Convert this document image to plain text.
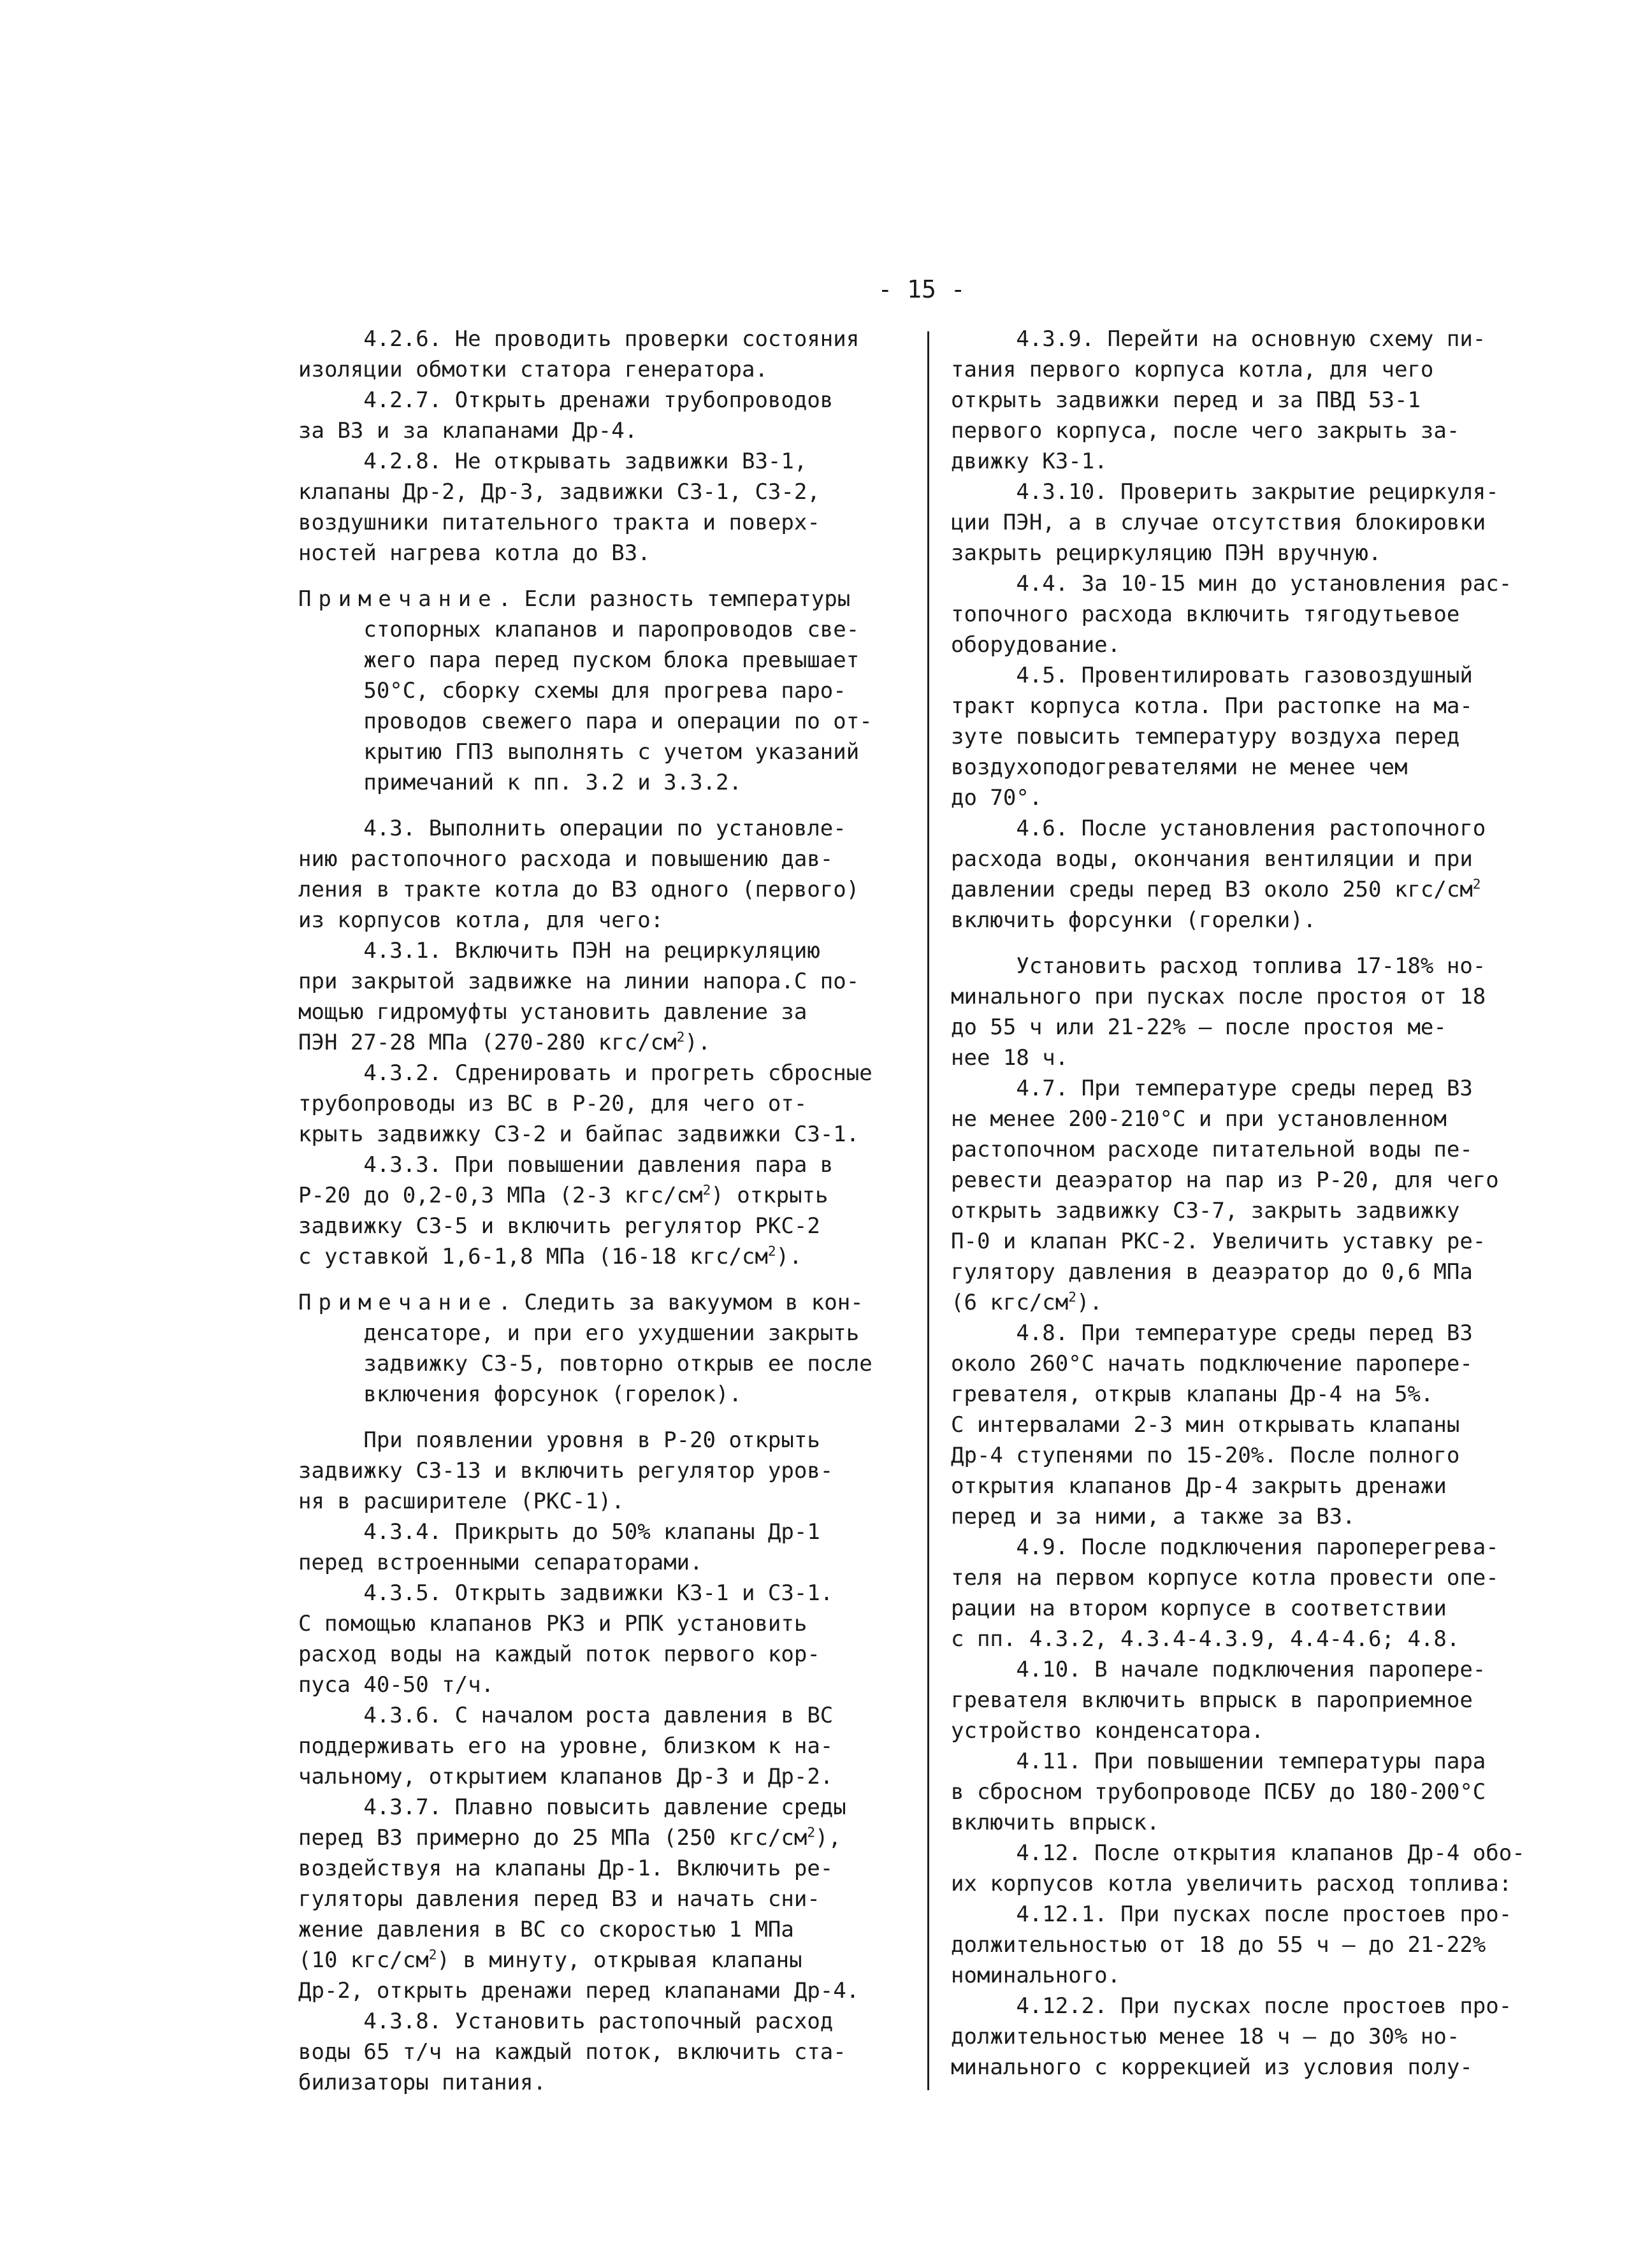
- 15 -
4.2.6. Не проводить проверки состояния
изоляции обмотки статора генератора.
4.2.7. Открыть дренажи трубопроводов
за ВЗ и за клапанами Др-4.
4.2.8. Не открывать задвижки ВЗ-1,
клапаны Др-2, Др-3, задвижки СЗ-1, СЗ-2,
воздушники питательного тракта и поверх-
ностей нагрева котла до ВЗ.
Примечание. Если разность температуры
стопорных клапанов и паропроводов све-
жего пара перед пуском блока превышает
50°С, сборку схемы для прогрева паро-
проводов свежего пара и операции по от-
крытию ГПЗ выполнять с учетом указаний
примечаний к пп. 3.2 и 3.3.2.
4.3. Выполнить операции по установле-
нию растопочного расхода и повышению дав-
ления в тракте котла до ВЗ одного (первого)
из корпусов котла, для чего:
4.3.1. Включить ПЭН на рециркуляцию
при закрытой задвижке на линии напора.С по-
мощью гидромуфты установить давление за
ПЭН 27-28 МПа (270-280 кгс/$см^2$).
4.3.2. Сдренировать и прогреть сбросные
трубопроводы из ВС в Р-20, для чего от-
крыть задвижку СЗ-2 и байпас задвижки СЗ-1.
4.3.3. При повышении давления пара в
Р-20 до 0,2-0,3 МПа (2-3 кгс/$см^2$) открыть
задвижку СЗ-5 и включить регулятор РКС-2
с уставкой 1,6-1,8 МПа (16-18 кгс/$см^2$).
Примечание. Следить за вакуумом в кон-
денсаторе, и при его ухудшении закрыть
задвижку СЗ-5, повторно открыв ее после
включения форсунок (горелок).
При появлении уровня в Р-20 открыть
задвижку СЗ-13 и включить регулятор уров-
ня в расширителе (РКС-1).
4.3.4. Прикрыть до 50% клапаны Др-1
перед встроенными сепараторами.
4.3.5. Открыть задвижки КЗ-1 и СЗ-1.
С помощью клапанов РКЗ и РПК установить
расход воды на каждый поток первого кор-
пуса 40-50 т/ч.
4.3.6. С началом роста давления в ВС
поддерживать его на уровне, близком к на-
чальному, открытием клапанов Др-3 и Др-2.
4.3.7. Плавно повысить давление среды
перед ВЗ примерно до 25 МПа (250 кгс/$см^2$),
воздействуя на клапаны Др-1. Включить ре-
гуляторы давления перед ВЗ и начать сни-
жение давления в ВС со скоростью 1 МПа
(10 кгс/$см^2$) в минуту, открывая клапаны
Др-2, открыть дренажи перед клапанами Др-4.
4.3.8. Установить растопочный расход
воды 65 т/ч на каждый поток, включить ста-
билизаторы питания.
4.3.9. Перейти на основную схему пи-
тания первого корпуса котла, для чего
открыть задвижки перед и за ПВД 53-1
первого корпуса, после чего закрыть за-
движку КЗ-1.
4.3.10. Проверить закрытие рециркуля-
ции ПЭН, а в случае отсутствия блокировки
закрыть рециркуляцию ПЭН вручную.
4.4. За 10-15 мин до установления рас-
топочного расхода включить тягодутьевое
оборудование.
4.5. Провентилировать газовоздушный
тракт корпуса котла. При растопке на ма-
зуте повысить температуру воздуха перед
воздухоподогревателями не менее чем
до 70°.
4.6. После установления растопочного
расхода воды, окончания вентиляции и при
давлении среды перед ВЗ около 250 кгс/$см^2$
включить форсунки (горелки).
Установить расход топлива 17-18% но-
минального при пусках после простоя от 18
до 55 ч или 21-22% — после простоя ме-
нее 18 ч.
4.7. При температуре среды перед ВЗ
не менее 200-210°С и при установленном
растопочном расходе питательной воды пе-
ревести деаэратор на пар из Р-20, для чего
открыть задвижку СЗ-7, закрыть задвижку
П-0 и клапан РКС-2. Увеличить уставку ре-
гулятору давления в деаэратор до 0,6 МПа
(6 кгс/$см^2$).
4.8. При температуре среды перед ВЗ
около 260°С начать подключение пароперe-
гревателя, открыв клапаны Др-4 на 5%.
С интервалами 2-3 мин открывать клапаны
Др-4 ступенями по 15-20%. После полного
открытия клапанов Др-4 закрыть дренажи
перед и за ними, а также за ВЗ.
4.9. После подключения пароперегрева-
теля на первом корпусе котла провести опе-
рации на втором корпусе в соответствии
с пп. 4.3.2, 4.3.4-4.3.9, 4.4-4.6; 4.8.
4.10. В начале подключения паропере-
гревателя включить впрыск в пароприемное
устройство конденсатора.
4.11. При повышении температуры пара
в сбросном трубопроводе ПСБУ до 180-200°С
включить впрыск.
4.12. После открытия клапанов Др-4 обо-
их корпусов котла увеличить расход топлива:
4.12.1. При пусках после простоев про-
должительностью от 18 до 55 ч — до 21-22%
номинального.
4.12.2. При пусках после простоев про-
должительностью менее 18 ч — до 30% но-
минального с коррекцией из условия полу-
